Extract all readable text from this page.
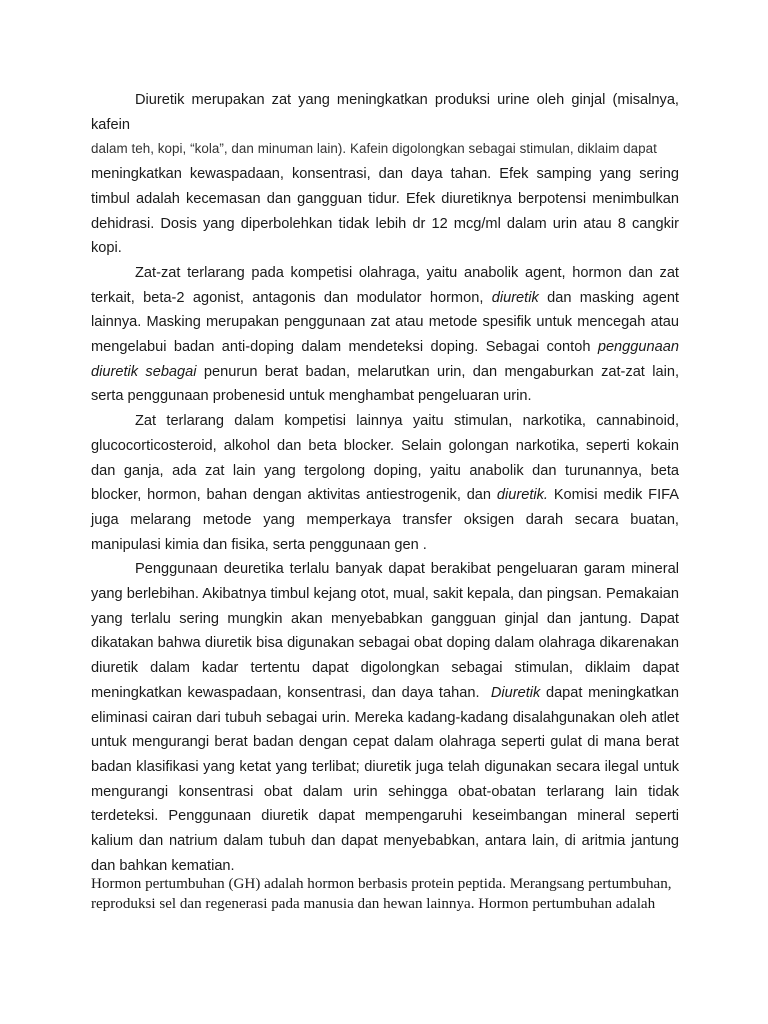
Diuretik merupakan zat yang meningkatkan produksi urine oleh ginjal (misalnya, kafein
dalam teh, kopi, “kola”, dan minuman lain). Kafein digolongkan sebagai stimulan, diklaim dapat
meningkatkan kewaspadaan, konsentrasi, dan daya tahan. Efek samping yang sering timbul adalah kecemasan dan gangguan tidur. Efek diuretiknya berpotensi menimbulkan dehidrasi. Dosis yang diperbolehkan tidak lebih dr 12 mcg/ml dalam urin atau 8 cangkir kopi.

Zat-zat terlarang pada kompetisi olahraga, yaitu anabolik agent, hormon dan zat terkait, beta-2 agonist, antagonis dan modulator hormon, diuretik dan masking agent lainnya. Masking merupakan penggunaan zat atau metode spesifik untuk mencegah atau mengelabui badan anti-doping dalam mendeteksi doping. Sebagai contoh penggunaan diuretik sebagai penurun berat badan, melarutkan urin, dan mengaburkan zat-zat lain, serta penggunaan probenesid untuk menghambat pengeluaran urin.

Zat terlarang dalam kompetisi lainnya yaitu stimulan, narkotika, cannabinoid, glucocorticosteroid, alkohol dan beta blocker. Selain golongan narkotika, seperti kokain dan ganja, ada zat lain yang tergolong doping, yaitu anabolik dan turunannya, beta blocker, hormon, bahan dengan aktivitas antiestrogenik, dan diuretik. Komisi medik FIFA juga melarang metode yang memperkaya transfer oksigen darah secara buatan, manipulasi kimia dan fisika, serta penggunaan gen .

Penggunaan deuretika terlalu banyak dapat berakibat pengeluaran garam mineral yang berlebihan. Akibatnya timbul kejang otot, mual, sakit kepala, dan pingsan. Pemakaian yang terlalu sering mungkin akan menyebabkan gangguan ginjal dan jantung. Dapat dikatakan bahwa diuretik bisa digunakan sebagai obat doping dalam olahraga dikarenakan diuretik dalam kadar tertentu dapat digolongkan sebagai stimulan, diklaim dapat meningkatkan kewaspadaan, konsentrasi, dan daya tahan. Diuretik dapat meningkatkan eliminasi cairan dari tubuh sebagai urin. Mereka kadang-kadang disalahgunakan oleh atlet untuk mengurangi berat badan dengan cepat dalam olahraga seperti gulat di mana berat badan klasifikasi yang ketat yang terlibat; diuretik juga telah digunakan secara ilegal untuk mengurangi konsentrasi obat dalam urin sehingga obat-obatan terlarang lain tidak terdeteksi. Penggunaan diuretik dapat mempengaruhi keseimbangan mineral seperti kalium dan natrium dalam tubuh dan dapat menyebabkan, antara lain, di aritmia jantung dan bahkan kematian.

Hormon pertumbuhan (GH) adalah hormon berbasis protein peptida. Merangsang pertumbuhan,

reproduksi sel dan regenerasi pada manusia dan hewan lainnya. Hormon pertumbuhan adalah
